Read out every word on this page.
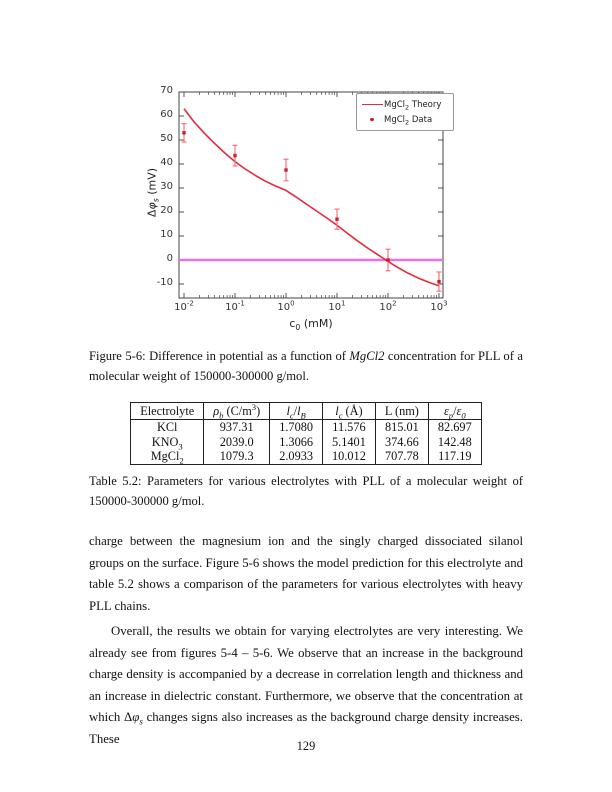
$\Delta\varphi_s$ (mV)
$c_0$ (mM)
MgCl$_2$ Theory
MgCl$_2$ Data
70
60
50
40
30
20
10
0
-10
$10^{-2}$	$10^{-1}$	$10^0$	$10^1$	$10^2$	$10^3$

Figure 5-6: Difference in potential as a function of MgCl2 concentration for PLL of a molecular weight of 150000-300000 g/mol.

Electrolyte	$\rho_b$ $(C/m^3)$	$l_c/l_B$	$l_c$ (Å)	L (nm)	$\varepsilon_p/\varepsilon_0$
KCl	937.31	1.7080	11.576	815.01	82.697
$KNO_3$	2039.0	1.3066	5.1401	374.66	142.48
MgCl$_2$	1079.3	2.0933	10.012	707.78	117.19

Table 5.2: Parameters for various electrolytes with PLL of a molecular weight of 150000-300000 g/mol.

charge between the magnesium ion and the singly charged dissociated silanol groups on the surface. Figure 5-6 shows the model prediction for this electrolyte and table 5.2 shows a comparison of the parameters for various electrolytes with heavy PLL chains.

Overall, the results we obtain for varying electrolytes are very interesting. We already see from figures 5-4 – 5-6. We observe that an increase in the background charge density is accompanied by a decrease in correlation length and thickness and an increase in dielectric constant. Furthermore, we observe that the concentration at which $\Delta\varphi_s$ changes signs also increases as the background charge density increases. These

129
